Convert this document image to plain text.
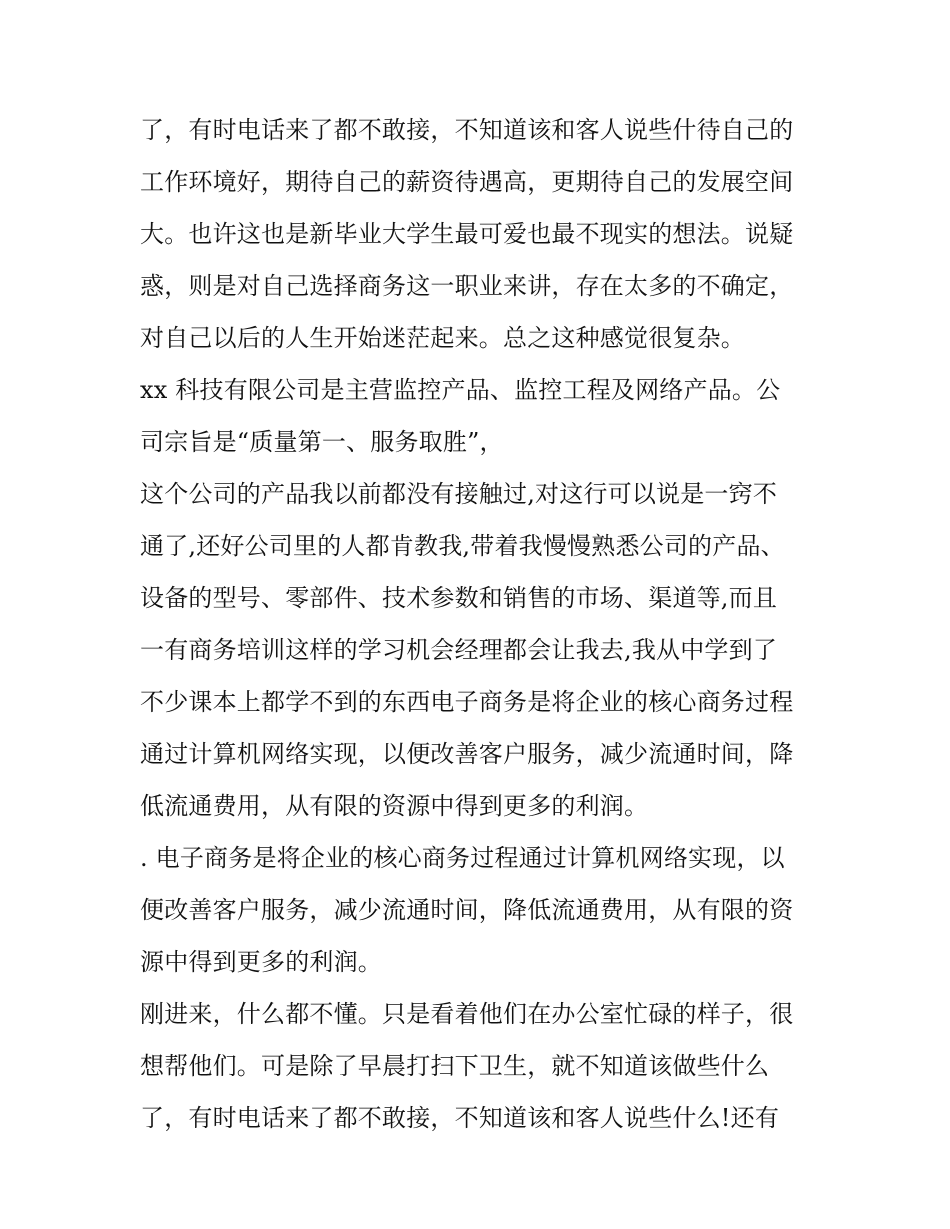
了，有时电话来了都不敢接，不知道该和客人说些什待自己的
工作环境好，期待自己的薪资待遇高，更期待自己的发展空间
大。也许这也是新毕业大学生最可爱也最不现实的想法。说疑
惑，则是对自己选择商务这一职业来讲，存在太多的不确定，
对自己以后的人生开始迷茫起来。总之这种感觉很复杂。
xx 科技有限公司是主营监控产品、监控工程及网络产品。公
司宗旨是“质量第一、服务取胜”，
这个公司的产品我以前都没有接触过,对这行可以说是一窍不
通了,还好公司里的人都肯教我,带着我慢慢熟悉公司的产品、
设备的型号、零部件、技术参数和销售的市场、渠道等,而且
一有商务培训这样的学习机会经理都会让我去,我从中学到了
不少课本上都学不到的东西电子商务是将企业的核心商务过程
通过计算机网络实现，以便改善客户服务，减少流通时间，降
低流通费用，从有限的资源中得到更多的利润。
. 电子商务是将企业的核心商务过程通过计算机网络实现，以
便改善客户服务，减少流通时间，降低流通费用，从有限的资
源中得到更多的利润。
刚进来，什么都不懂。只是看着他们在办公室忙碌的样子，很
想帮他们。可是除了早晨打扫下卫生，就不知道该做些什么
了，有时电话来了都不敢接，不知道该和客人说些什么!还有
